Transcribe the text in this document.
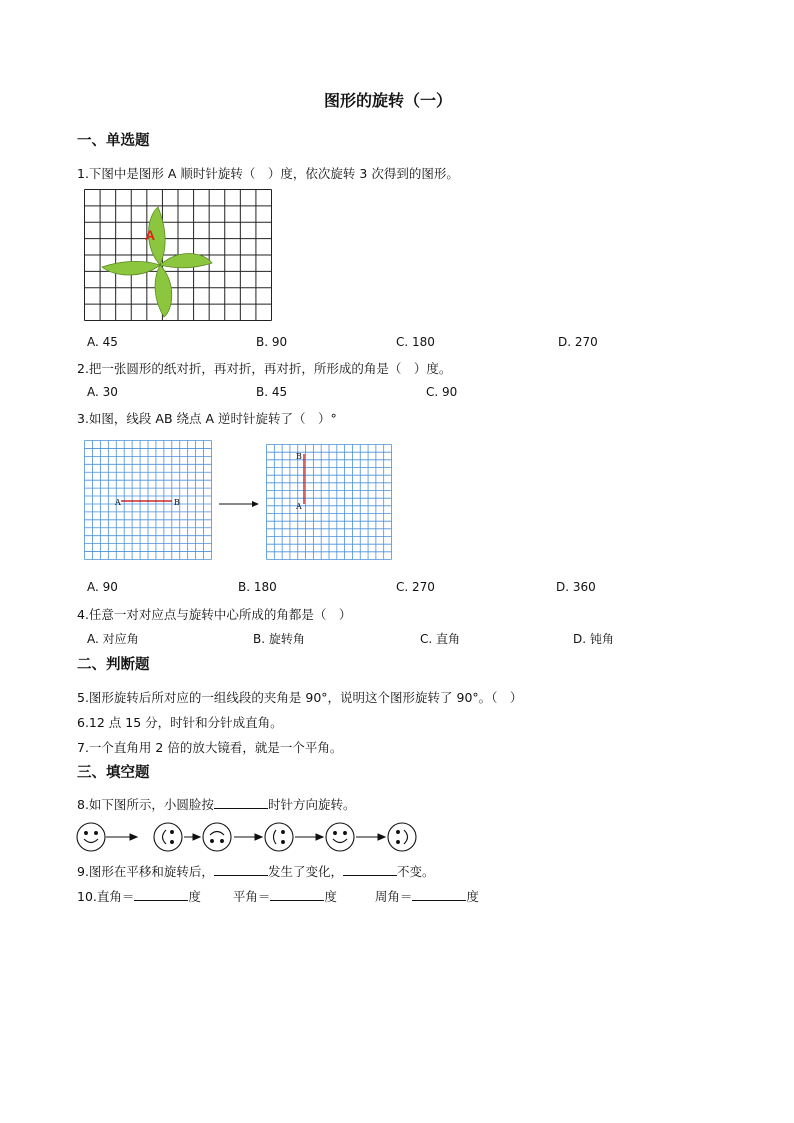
图形的旋转（一）
一、单选题
1.下图中是图形 A 顺时针旋转（　）度，依次旋转 3 次得到的图形。
A
A. 45	B. 90	C. 180	D. 270
2.把一张圆形的纸对折，再对折，再对折，所形成的角是（　）度。
A. 30	B. 45	C. 90
3.如图，线段 AB 绕点 A 逆时针旋转了（　）°
A	B
B
A
A. 90	B. 180	C. 270	D. 360
4.任意一对对应点与旋转中心所成的角都是（　）
A. 对应角	B. 旋转角	C. 直角	D. 钝角
二、判断题
5.图形旋转后所对应的一组线段的夹角是 90°，说明这个图形旋转了 90°。（　）
6.12 点 15 分，时针和分针成直角。
7.一个直角用 2 倍的放大镜看，就是一个平角。
三、填空题
8.如下图所示，小圆脸按	时针方向旋转。
9.图形在平移和旋转后，	发生了变化，	不变。
10.直角＝	度	平角＝	度	周角＝	度
